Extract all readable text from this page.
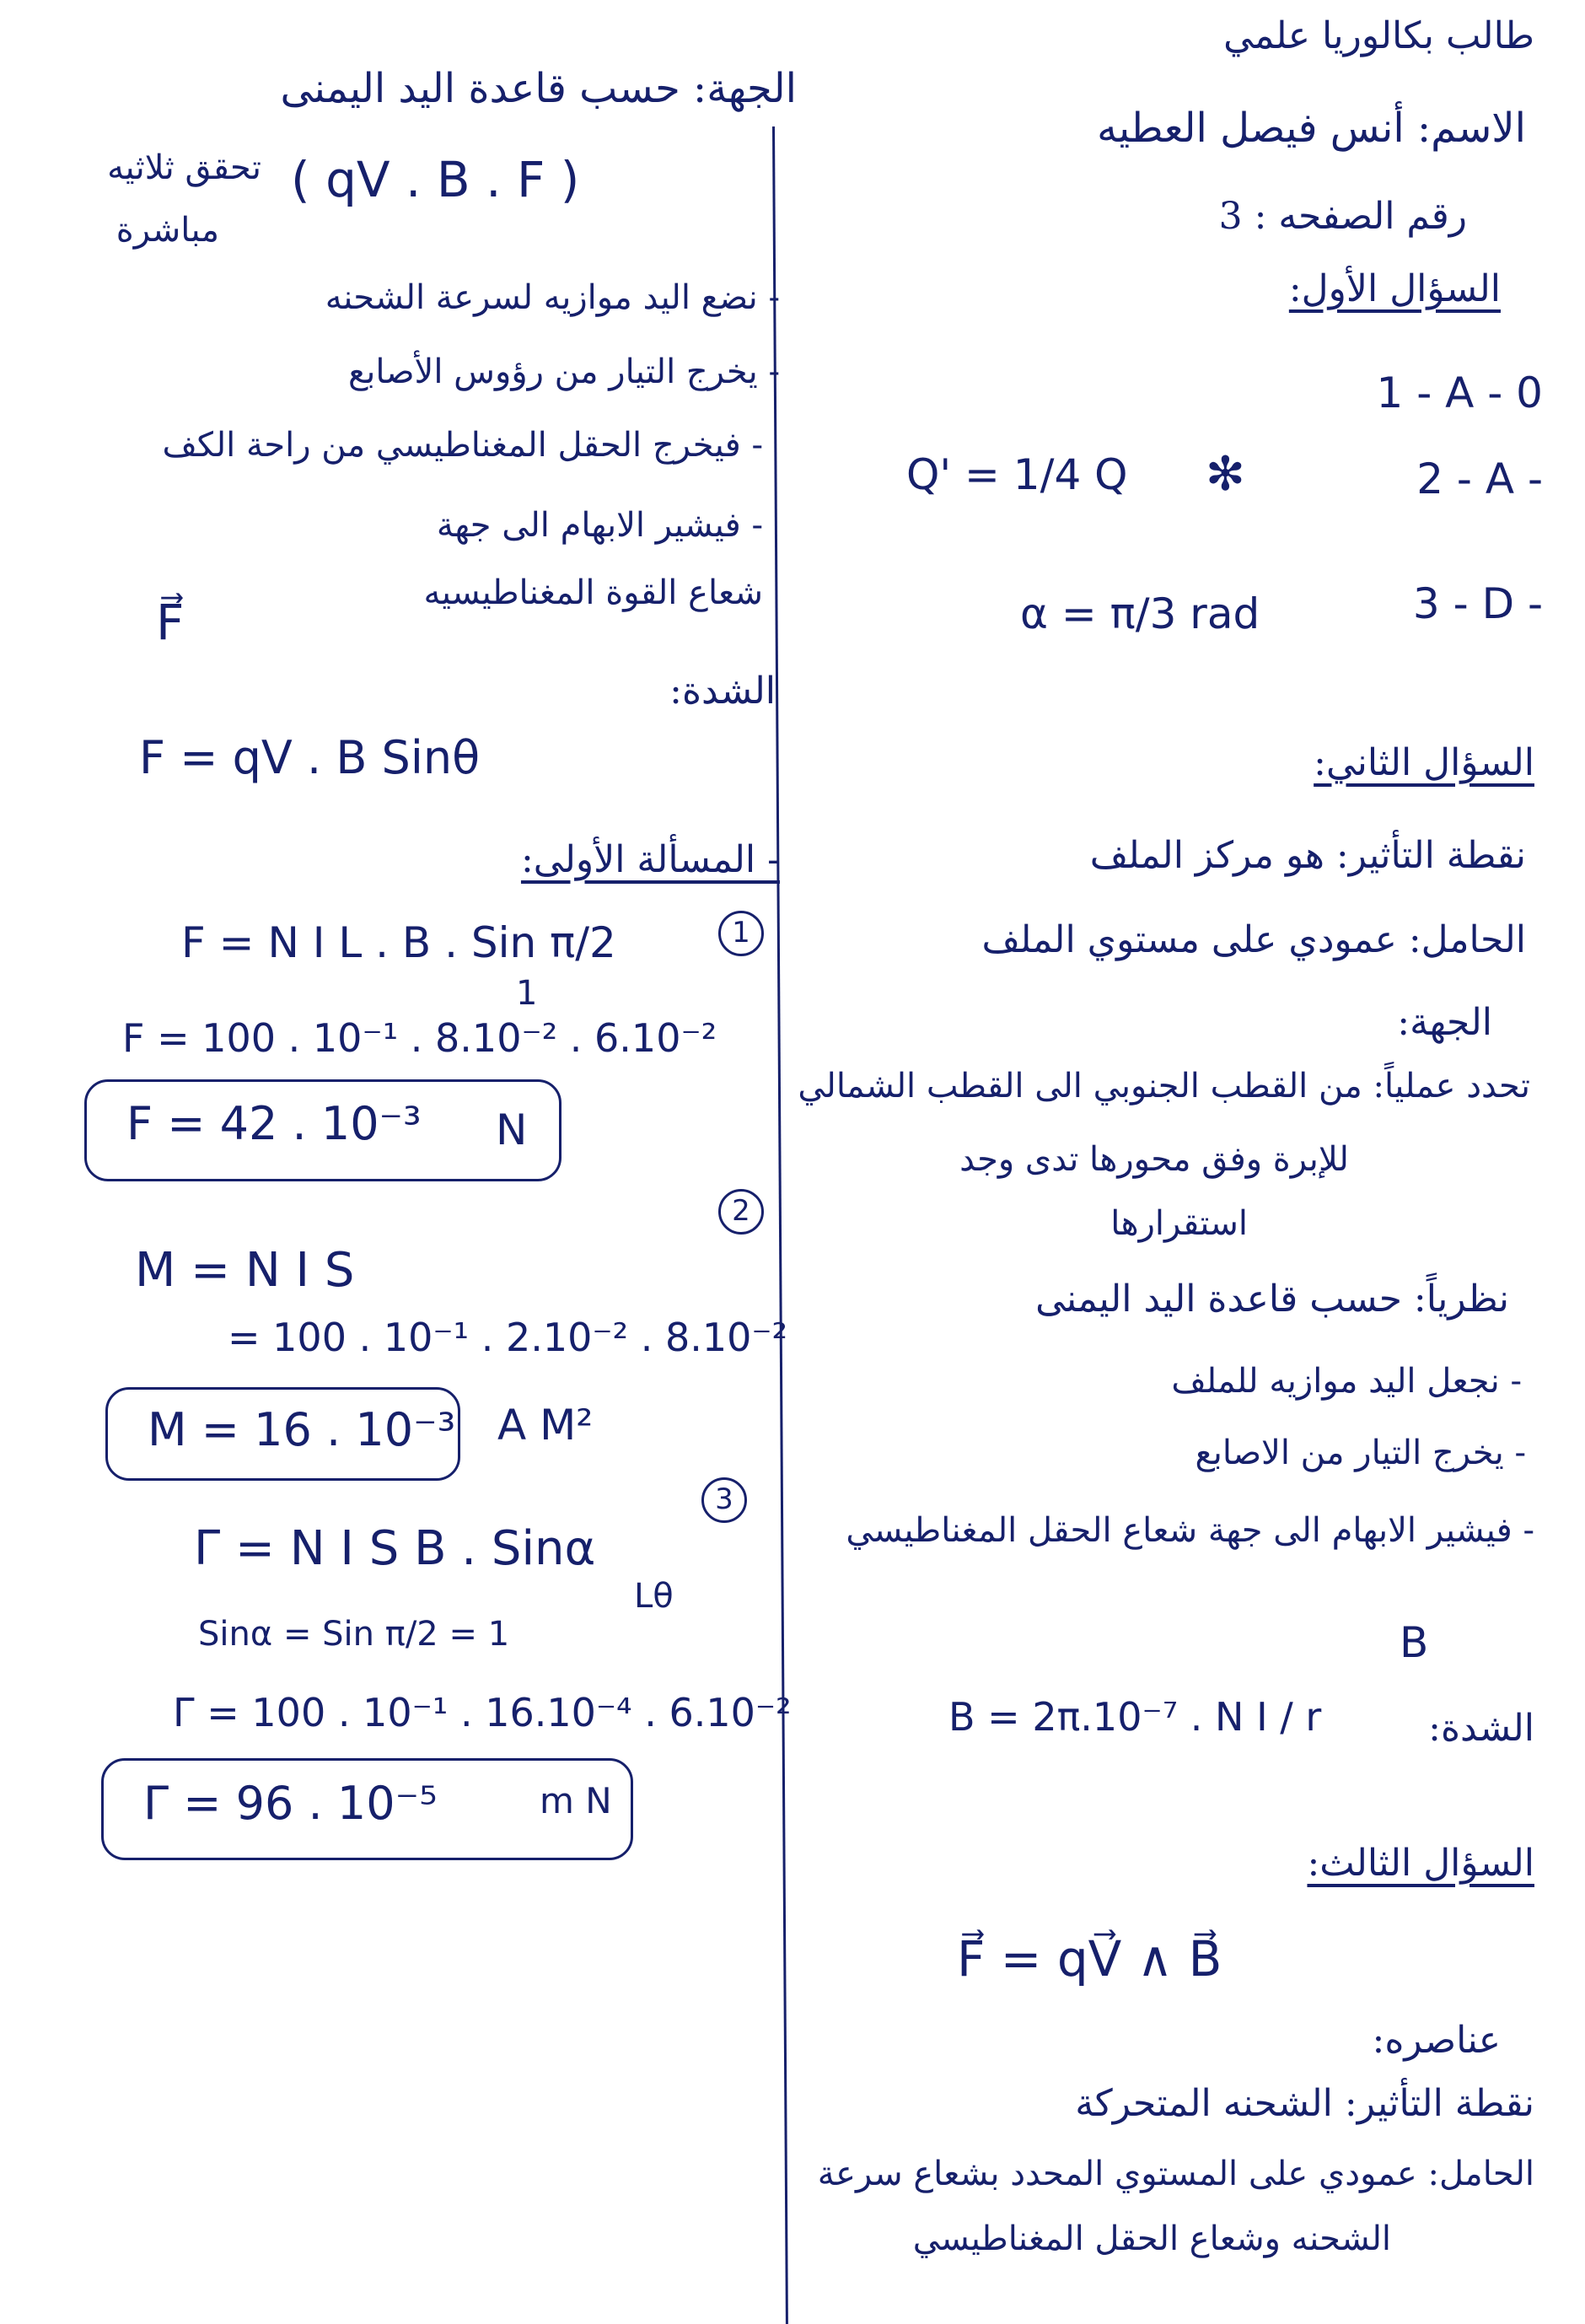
طالب بكالوريا علمي
الاسم: أنس فيصل العطيه
رقم الصفحه : 3
السؤال الأول:
1 - A - 0
Q' = 1/4 Q ✻	2 - A -
α = π/3 rad	3 - D -
السؤال الثاني:
نقطة التأثير: هو مركز الملف
الحامل: عمودي على مستوي الملف
الجهة:
تحدد عملياً: من القطب الجنوبي الى القطب الشمالي
للإبرة وفق محورها تدى وجد
استقرارها
نظرياً: حسب قاعدة اليد اليمنى
- نجعل اليد موازيه للملف
- يخرج التيار من الاصابع
- فيشير الابهام الى جهة شعاع الحقل المغناطيسي
B
الشدة:
B = 2π.10⁻⁷ . N I / r
السؤال الثالث:
F⃗ = qV⃗ ∧ B⃗
عناصره:
نقطة التأثير: الشحنه المتحركة
الحامل: عمودي على المستوي المحدد بشعاع سرعة
الشحنه وشعاع الحقل المغناطيسي
الجهة: حسب قاعدة اليد اليمنى
( qV . B . F )
تحقق ثلاثيه
مباشرة
- نضع اليد موازيه لسرعة الشحنه
- يخرج التيار من رؤوس الأصابع
- فيخرج الحقل المغناطيسي من راحة الكف
- فيشير الابهام الى جهة
شعاع القوة المغناطيسيه
F⃗
الشدة:
F = qV . B Sinθ
- المسألة الأولى:
1
F = N I L . B . Sin π/2
1
F = 100 . 10⁻¹ . 8.10⁻² . 6.10⁻²
F = 42 . 10⁻³ N
2
M = N I S
= 100 . 10⁻¹ . 2.10⁻² . 8.10⁻²
M = 16 . 10⁻³ A M²
3
Γ = N I S B . Sinα
Lθ
Sinα = Sin π/2 = 1
Γ = 100 . 10⁻¹ . 16.10⁻⁴ . 6.10⁻²
Γ = 96 . 10⁻⁵	m N
